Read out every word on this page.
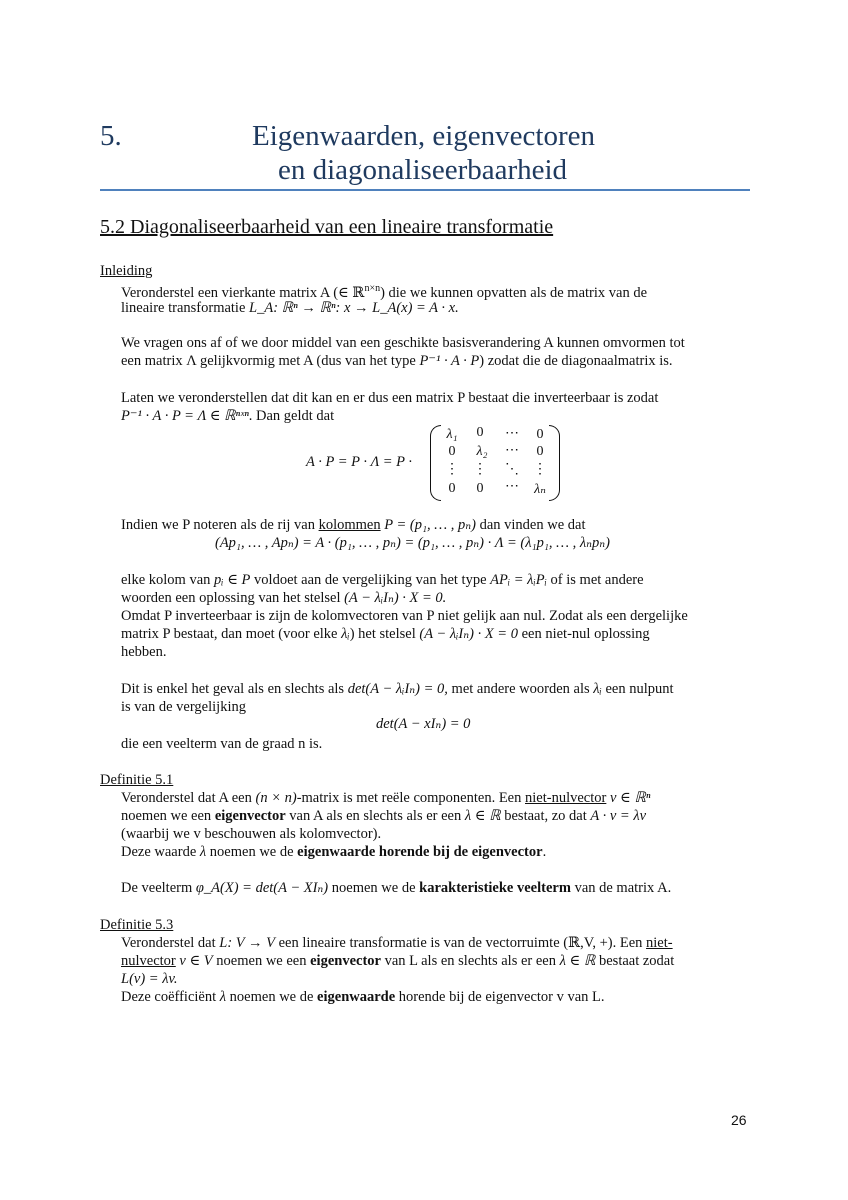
5.	Eigenwaarden, eigenvectoren
en diagonaliseerbaarheid
5.2 Diagonaliseerbaarheid van een lineaire transformatie
Inleiding
Veronderstel een vierkante matrix A (∈ ℝ$^{n\times n}$) die we kunnen opvatten als de matrix van de
lineaire transformatie L_A: ℝⁿ → ℝⁿ: x → L_A(x) = A · x.
We vragen ons af of we door middel van een geschikte basisverandering A kunnen omvormen tot
een matrix Λ gelijkvormig met A (dus van het type P⁻¹ · A · P) zodat die de diagonaalmatrix is.
Laten we veronderstellen dat dit kan en er dus een matrix P bestaat die inverteerbaar is zodat
P⁻¹ · A · P = Λ ∈ ℝⁿˣⁿ. Dan geldt dat
A · P = P · Λ = P ·
λ₁	0	⋯	0
0	λ₂	⋯	0
⋮	⋮	⋱	⋮
0	0	⋯	λₙ
Indien we P noteren als de rij van kolommen P = (p₁, … , pₙ) dan vinden we dat
(Ap₁, … , Apₙ) = A · (p₁, … , pₙ) = (p₁, … , pₙ) · Λ = (λ₁p₁, … , λₙpₙ)
elke kolom van pᵢ ∈ P voldoet aan de vergelijking van het type APᵢ = λᵢPᵢ of is met andere
woorden een oplossing van het stelsel (A − λᵢIₙ) · X = 0.
Omdat P inverteerbaar is zijn de kolomvectoren van P niet gelijk aan nul. Zodat als een dergelijke
matrix P bestaat, dan moet (voor elke λᵢ) het stelsel (A − λᵢIₙ) · X = 0 een niet-nul oplossing
hebben.
Dit is enkel het geval als en slechts als det(A − λᵢIₙ) = 0, met andere woorden als λᵢ een nulpunt
is van de vergelijking
det(A − xIₙ) = 0
die een veelterm van de graad n is.
Definitie 5.1
Veronderstel dat A een (n × n)-matrix is met reële componenten. Een niet-nulvector v ∈ ℝⁿ
noemen we een eigenvector van A als en slechts als er een λ ∈ ℝ bestaat, zo dat A · v = λv
(waarbij we v beschouwen als kolomvector).
Deze waarde λ noemen we de eigenwaarde horende bij de eigenvector.
De veelterm φ_A(X) = det(A − XIₙ) noemen we de karakteristieke veelterm van de matrix A.
Definitie 5.3
Veronderstel dat L: V → V een lineaire transformatie is van de vectorruimte (ℝ,V, +). Een niet-
nulvector v ∈ V noemen we een eigenvector van L als en slechts als er een λ ∈ ℝ bestaat zodat
L(v) = λv.
Deze coëfficiënt λ noemen we de eigenwaarde horende bij de eigenvector v van L.
26
